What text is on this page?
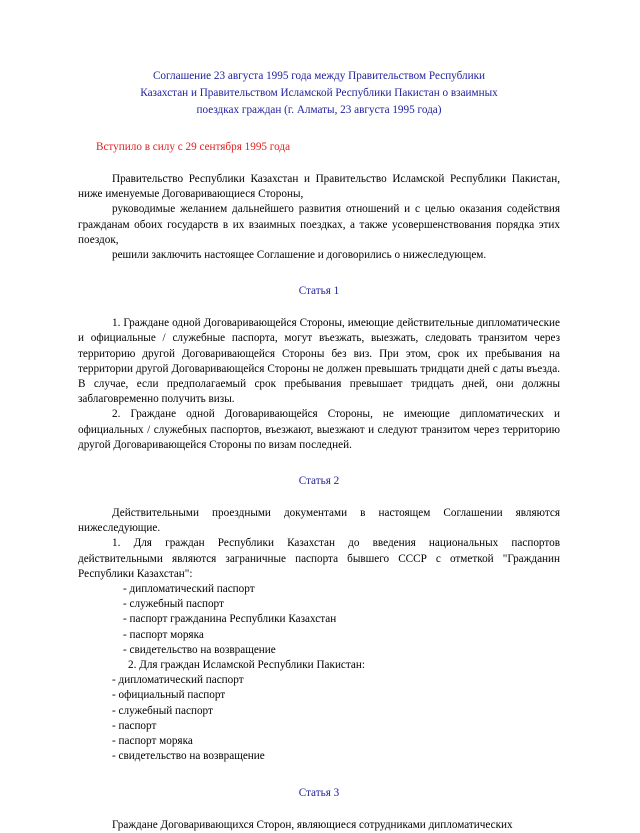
Соглашение 23 августа 1995 года между Правительством Республики
Казахстан и Правительством Исламской Республики Пакистан о взаимных
поездках граждан (г. Алматы, 23 августа 1995 года)
Вступило в силу с 29 сентября 1995 года

Правительство Республики Казахстан и Правительство Исламской Республики Пакистан, ниже именуемые Договаривающиеся Стороны,

руководимые желанием дальнейшего развития отношений и с целью оказания содействия гражданам обоих государств в их взаимных поездках, а также усовершенствования порядка этих поездок,

решили заключить настоящее Соглашение и договорились о нижеследующем.

Статья 1

1. Граждане одной Договаривающейся Стороны, имеющие действительные дипломатические и официальные / служебные паспорта, могут въезжать, выезжать, следовать транзитом через территорию другой Договаривающейся Стороны без виз. При этом, срок их пребывания на территории другой Договаривающейся Стороны не должен превышать тридцати дней с даты въезда. В случае, если предполагаемый срок пребывания превышает тридцать дней, они должны заблаговременно получить визы.

2. Граждане одной Договаривающейся Стороны, не имеющие дипломатических и официальных / служебных паспортов, въезжают, выезжают и следуют транзитом через территорию другой Договаривающейся Стороны по визам последней.

Статья 2

Действительными проездными документами в настоящем Соглашении являются нижеследующие.

1. Для граждан Республики Казахстан до введения национальных паспортов действительными являются заграничные паспорта бывшего СССР с отметкой "Гражданин Республики Казахстан":

- дипломатический паспорт
- служебный паспорт
- паспорт гражданина Республики Казахстан
- паспорт моряка
- свидетельство на возвращение

2. Для граждан Исламской Республики Пакистан:

- дипломатический паспорт
- официальный паспорт
- служебный паспорт
- паспорт
- паспорт моряка
- свидетельство на возвращение
Статья 3

Граждане Договаривающихся Сторон, являющиеся сотрудниками дипломатических
